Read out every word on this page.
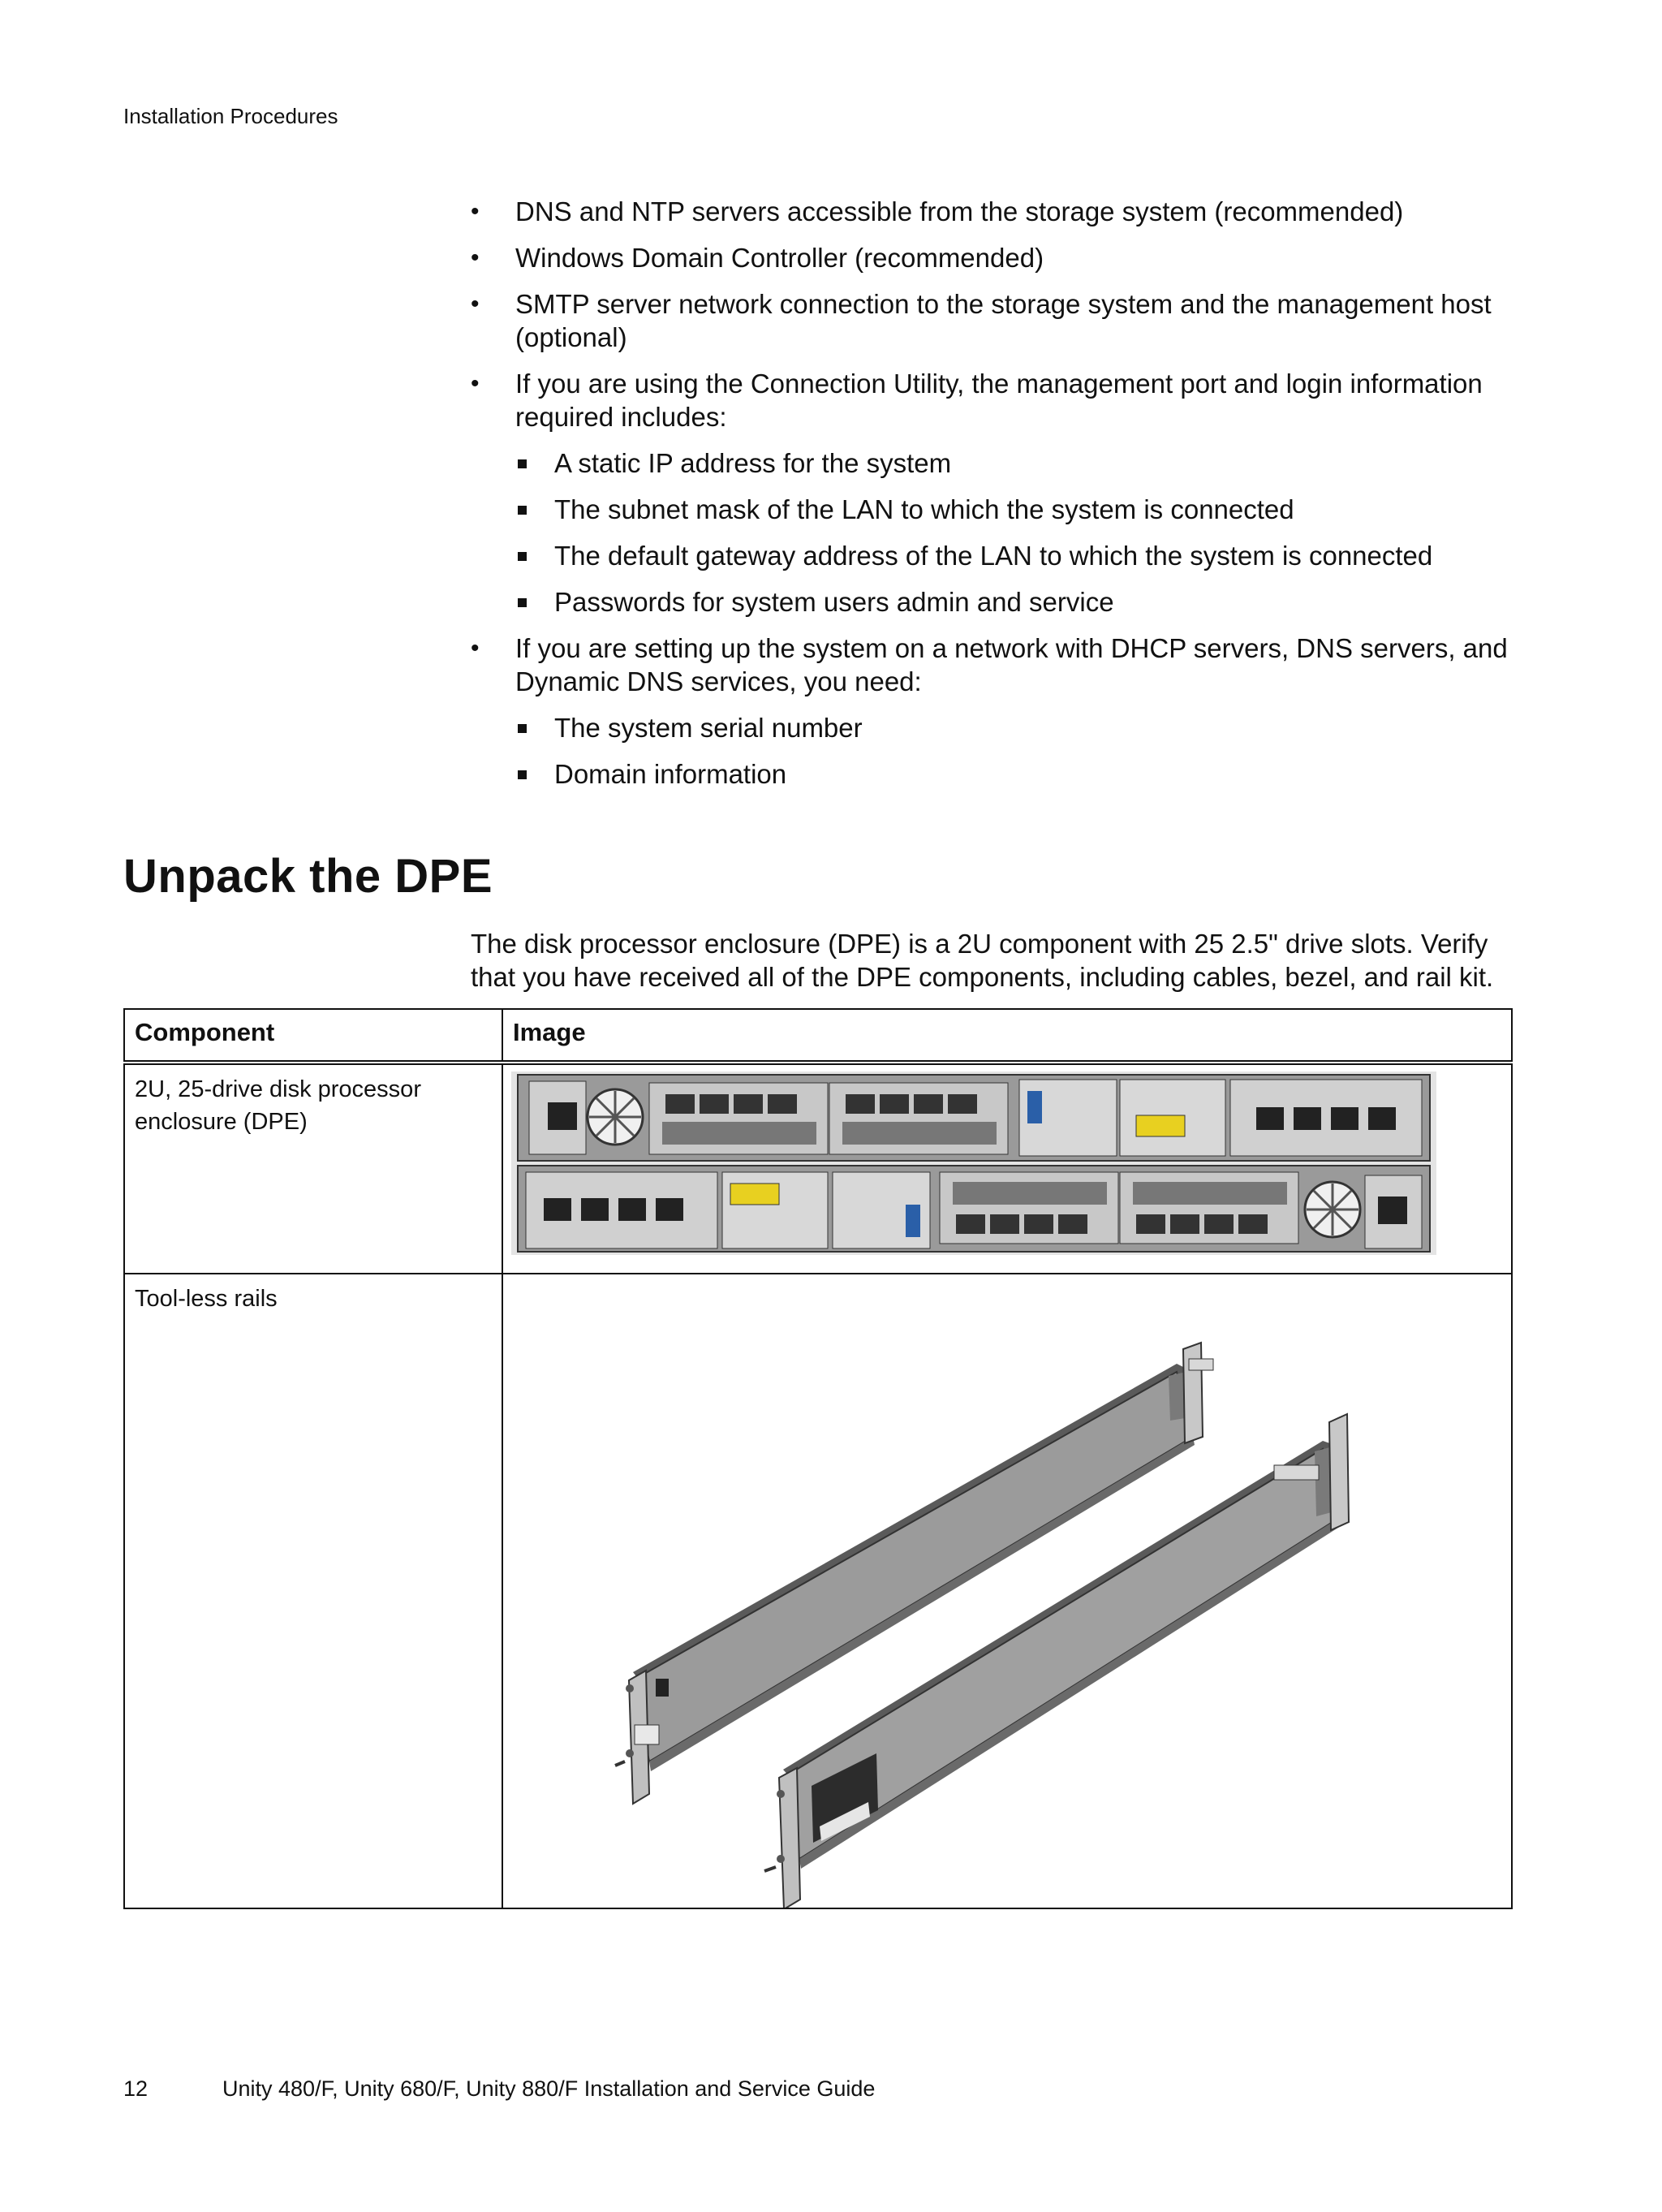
Installation Procedures
• DNS and NTP servers accessible from the storage system (recommended)
• Windows Domain Controller (recommended)
• SMTP server network connection to the storage system and the management host (optional)
• If you are using the Connection Utility, the management port and login information required includes:
A static IP address for the system
The subnet mask of the LAN to which the system is connected
The default gateway address of the LAN to which the system is connected
Passwords for system users admin and service
• If you are setting up the system on a network with DHCP servers, DNS servers, and Dynamic DNS services, you need:
The system serial number
Domain information
Unpack the DPE
The disk processor enclosure (DPE) is a 2U component with 25 2.5" drive slots. Verify that you have received all of the DPE components, including cables, bezel, and rail kit.
Component	Image
2U, 25-drive disk processor enclosure (DPE)	

Tool-less rails	
12	Unity 480/F, Unity 680/F, Unity 880/F Installation and Service Guide
